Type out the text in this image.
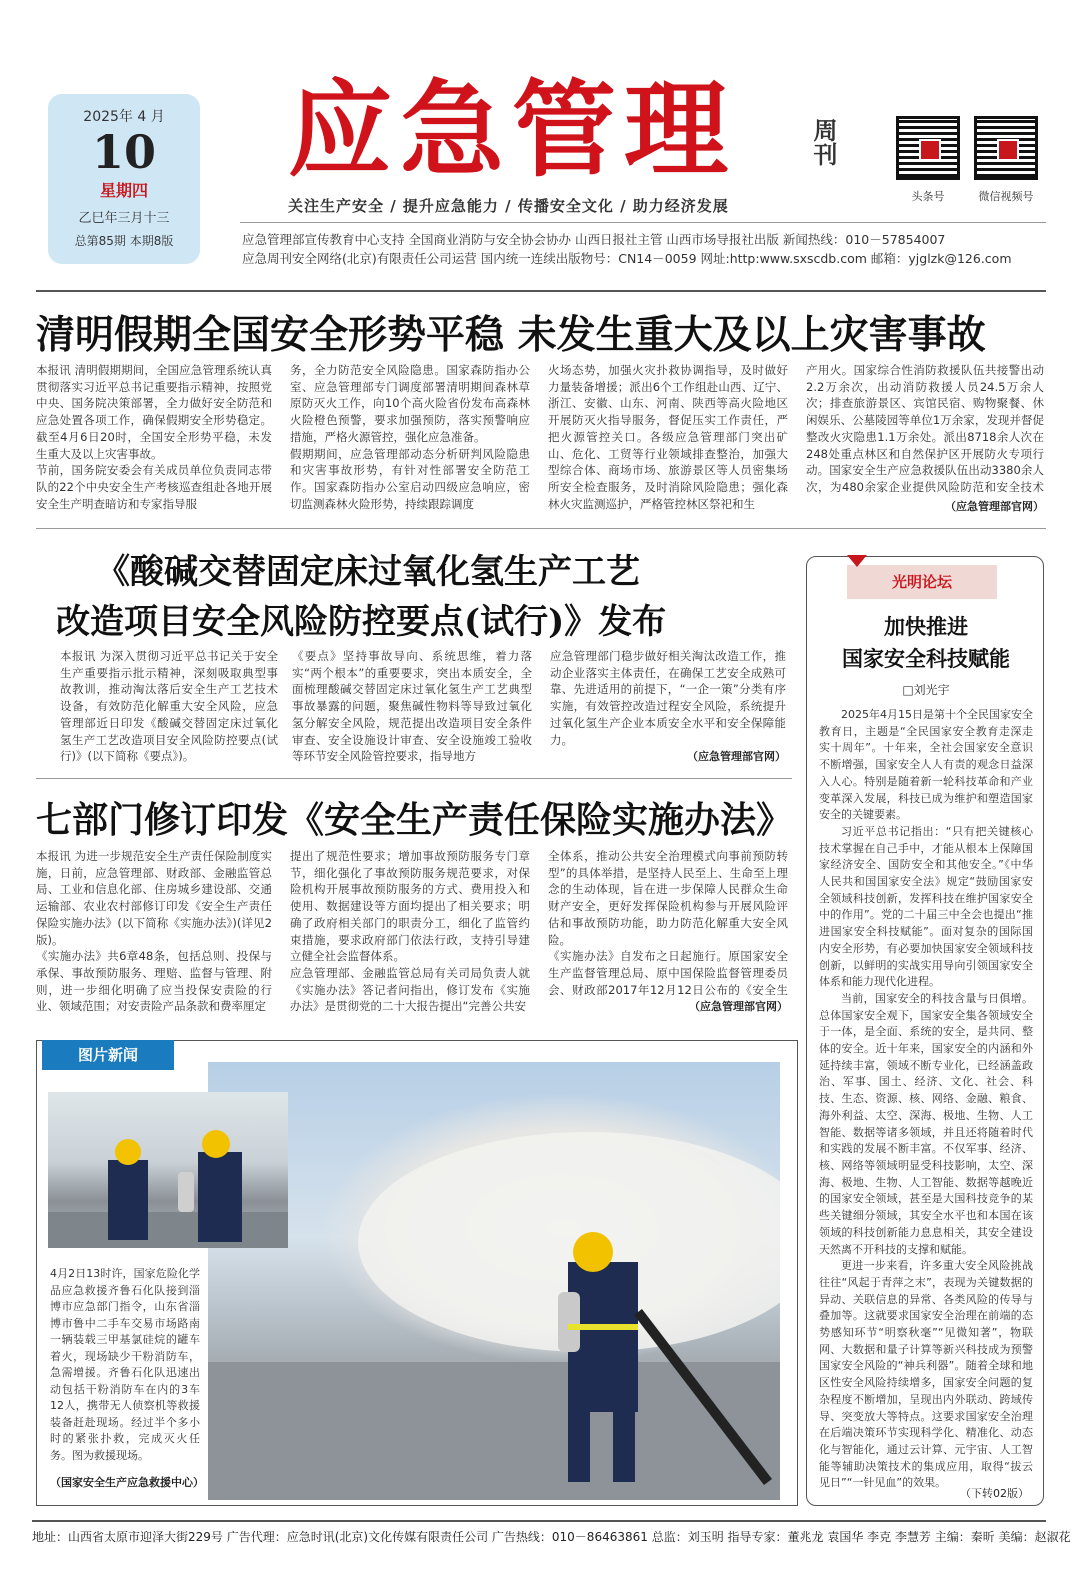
2025年 4 月
10
星期四
乙巳年三月十三
总第85期 本期8版
应急管理	周刊
关注生产安全 / 提升应急能力 / 传播安全文化 / 助力经济发展
头条号	微信视频号
应急管理部宣传教育中心支持 全国商业消防与安全协会协办 山西日报社主管 山西市场导报社出版 新闻热线：010－57854007
应急周刊安全网络(北京)有限责任公司运营 国内统一连续出版物号：CN14－0059 网址:http:www.sxscdb.com 邮箱：yjglzk@126.com
清明假期全国安全形势平稳 未发生重大及以上灾害事故
本报讯 清明假期期间，全国应急管理系统认真贯彻落实习近平总书记重要指示精神，按照党中央、国务院决策部署，全力做好安全防范和应急处置各项工作，确保假期安全形势稳定。截至4月6日20时，全国安全形势平稳，未发生重大及以上灾害事故。
节前，国务院安委会有关成员单位负责同志带队的22个中央安全生产考核巡查组赴各地开展安全生产明查暗访和专家指导服
务，全力防范安全风险隐患。国家森防指办公室、应急管理部专门调度部署清明期间森林草原防灭火工作，向10个高火险省份发布高森林火险橙色预警，要求加强预防，落实预警响应措施，严格火源管控，强化应急准备。
假期期间，应急管理部动态分析研判风险隐患和灾害事故形势，有针对性部署安全防范工作。国家森防指办公室启动四级应急响应，密切监测森林火险形势，持续跟踪调度
火场态势，加强火灾扑救协调指导，及时做好力量装备增援；派出6个工作组赴山西、辽宁、浙江、安徽、山东、河南、陕西等高火险地区开展防灭火指导服务，督促压实工作责任，严把火源管控关口。各级应急管理部门突出矿山、危化、工贸等行业领域排查整治，加强大型综合体、商场市场、旅游景区等人员密集场所安全检查服务，及时消除风险隐患；强化森林火灾监测巡护，严格管控林区祭祀和生
产用火。国家综合性消防救援队伍共接警出动2.2万余次，出动消防救援人员24.5万余人次；排查旅游景区、宾馆民宿、购物聚餐、休闲娱乐、公墓陵园等单位1万余家，发现并督促整改火灾隐患1.1万余处。派出8718余人次在248处重点林区和自然保护区开展防火专项行动。国家安全生产应急救援队伍出动3380余人次，为480余家企业提供风险防范和安全技术
（应急管理部官网）
《酸碱交替固定床过氧化氢生产工艺
改造项目安全风险防控要点(试行)》发布
本报讯 为深入贯彻习近平总书记关于安全生产重要指示批示精神，深刻吸取典型事故教训，推动淘汰落后安全生产工艺技术设备，有效防范化解重大安全风险，应急管理部近日印发《酸碱交替固定床过氧化氢生产工艺改造项目安全风险防控要点(试行)》(以下简称《要点》)。
《要点》坚持事故导向、系统思维，着力落实“两个根本”的重要要求，突出本质安全，全面梳理酸碱交替固定床过氧化氢生产工艺典型事故暴露的问题，聚焦碱性物料等导致过氧化氢分解安全风险，规范提出改造项目安全条件审查、安全设施设计审查、安全设施竣工验收等环节安全风险管控要求，指导地方
应急管理部门稳步做好相关淘汰改造工作，推动企业落实主体责任，在确保工艺安全成熟可靠、先进适用的前提下，“一企一策”分类有序实施，有效管控改造过程安全风险，系统提升过氧化氢生产企业本质安全水平和安全保障能力。
（应急管理部官网）
七部门修订印发《安全生产责任保险实施办法》
本报讯 为进一步规范安全生产责任保险制度实施，日前，应急管理部、财政部、金融监管总局、工业和信息化部、住房城乡建设部、交通运输部、农业农村部修订印发《安全生产责任保险实施办法》(以下简称《实施办法》)(详见2版)。
《实施办法》共6章48条，包括总则、投保与承保、事故预防服务、理赔、监督与管理、附则，进一步细化明确了应当投保安责险的行业、领域范围；对安责险产品条款和费率厘定
提出了规范性要求；增加事故预防服务专门章节，细化强化了事故预防服务规范要求，对保险机构开展事故预防服务的方式、费用投入和使用、数据建设等方面均提出了相关要求；明确了政府相关部门的职责分工，细化了监管约束措施，要求政府部门依法行政，支持引导建立健全社会监督体系。
应急管理部、金融监管总局有关司局负责人就《实施办法》答记者问指出，修订发布《实施办法》是贯彻党的二十大报告提出“完善公共安
全体系，推动公共安全治理模式向事前预防转型”的具体举措，是坚持人民至上、生命至上理念的生动体现，旨在进一步保障人民群众生命财产安全，更好发挥保险机构参与开展风险评估和事故预防功能，助力防范化解重大安全风险。
《实施办法》自发布之日起施行。原国家安全生产监督管理总局、原中国保险监督管理委员会、财政部2017年12月12日公布的《安全生
（应急管理部官网）
光明论坛
加快推进
国家安全科技赋能
□刘光宇

2025年4月15日是第十个全民国家安全教育日，主题是“全民国家安全教育走深走实十周年”。十年来，全社会国家安全意识不断增强，国家安全人人有责的观念日益深入人心。特别是随着新一轮科技革命和产业变革深入发展，科技已成为维护和塑造国家安全的关键要素。

习近平总书记指出：“只有把关键核心技术掌握在自己手中，才能从根本上保障国家经济安全、国防安全和其他安全。”《中华人民共和国国家安全法》规定“鼓励国家安全领域科技创新，发挥科技在维护国家安全中的作用”。党的二十届三中全会也提出“推进国家安全科技赋能”。面对复杂的国际国内安全形势，有必要加快国家安全领域科技创新，以鲜明的实战实用导向引领国家安全体系和能力现代化进程。

当前，国家安全的科技含量与日俱增。总体国家安全观下，国家安全集各领域安全于一体，是全面、系统的安全，是共同、整体的安全。近十年来，国家安全的内涵和外延持续丰富，领域不断专业化，已经涵盖政治、军事、国土、经济、文化、社会、科技、生态、资源、核、网络、金融、粮食、海外利益、太空、深海、极地、生物、人工智能、数据等诸多领域，并且还将随着时代和实践的发展不断丰富。不仅军事、经济、核、网络等领域明显受科技影响，太空、深海、极地、生物、人工智能、数据等越晚近的国家安全领域，甚至是大国科技竞争的某些关键细分领域，其安全水平也和本国在该领域的科技创新能力息息相关，其安全建设天然离不开科技的支撑和赋能。

更进一步来看，许多重大安全风险挑战往往“风起于青萍之末”，表现为关键数据的异动、关联信息的异常、各类风险的传导与叠加等。这就要求国家安全治理在前端的态势感知环节“明察秋毫”“见微知著”，物联网、大数据和量子计算等新兴科技成为预警国家安全风险的“神兵利器”。随着全球和地区性安全风险持续增多，国家安全问题的复杂程度不断增加，呈现出内外联动、跨域传导、突变放大等特点。这要求国家安全治理在后端决策环节实现科学化、精准化、动态化与智能化，通过云计算、元宇宙、人工智能等辅助决策技术的集成应用，取得“拔云见日”“一针见血”的效果。

（下转02版）
图片新闻
4月2日13时许，国家危险化学品应急救援齐鲁石化队接到淄博市应急部门指令，山东省淄博市鲁中二手车交易市场路南一辆装载三甲基氯硅烷的罐车着火，现场缺少干粉消防车，急需增援。齐鲁石化队迅速出动包括干粉消防车在内的3车12人，携带无人侦察机等救援装备赶赴现场。经过半个多小时的紧张扑救，完成灭火任务。图为救援现场。
（国家安全生产应急救援中心）
地址：山西省太原市迎泽大街229号 广告代理：应急时讯(北京)文化传媒有限责任公司 广告热线：010－86463861 总监：刘玉明 指导专家：董兆龙 袁国华 李克 李慧芳 主编：秦昕 美编：赵淑花
